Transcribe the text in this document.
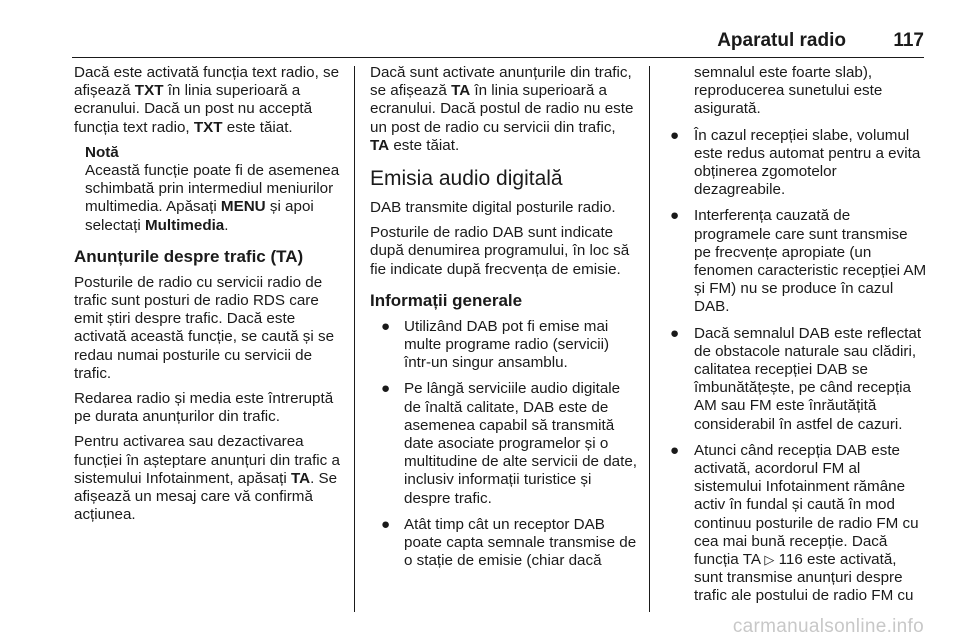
Aparatul radio 117

Dacă este activată funcția text radio, se afișează TXT în linia superioară a ecranului. Dacă un post nu acceptă funcția text radio, TXT este tăiat.

Notă
Această funcție poate fi de asemenea schimbată prin intermediul meniurilor multimedia. Apăsați MENU și apoi selectați Multimedia.
Anunțurile despre trafic (TA)

Posturile de radio cu servicii radio de trafic sunt posturi de radio RDS care emit știri despre trafic. Dacă este activată această funcție, se caută și se redau numai posturile cu servicii de trafic.

Redarea radio și media este întreruptă pe durata anunțurilor din trafic.

Pentru activarea sau dezactivarea funcției în așteptare anunțuri din trafic a sistemului Infotainment, apăsați TA. Se afișează un mesaj care vă confirmă acțiunea.

Dacă sunt activate anunțurile din trafic, se afișează TA în linia superioară a ecranului. Dacă postul de radio nu este un post de radio cu servicii din trafic, TA este tăiat.

Emisia audio digitală

DAB transmite digital posturile radio.

Posturile de radio DAB sunt indicate după denumirea programului, în loc să fie indicate după frecvența de emisie.

Informații generale
● Utilizând DAB pot fi emise mai multe programe radio (servicii) într-un singur ansamblu.
● Pe lângă serviciile audio digitale de înaltă calitate, DAB este de asemenea capabil să transmită date asociate programelor și o multitudine de alte servicii de date, inclusiv informații turistice și despre trafic.
● Atât timp cât un receptor DAB poate capta semnale transmise de o stație de emisie (chiar dacă
semnalul este foarte slab), reproducerea sunetului este asigurată.
● În cazul recepției slabe, volumul este redus automat pentru a evita obținerea zgomotelor dezagreabile.
● Interferența cauzată de programele care sunt transmise pe frecvențe apropiate (un fenomen caracteristic recepției AM și FM) nu se produce în cazul DAB.
● Dacă semnalul DAB este reflectat de obstacole naturale sau clădiri, calitatea recepției DAB se îmbunătățește, pe când recepția AM sau FM este înrăutățită considerabil în astfel de cazuri.
● Atunci când recepția DAB este activată, acordorul FM al sistemului Infotainment rămâne activ în fundal și caută în mod continuu posturile de radio FM cu cea mai bună recepție. Dacă funcția TA ▷ 116 este activată, sunt transmise anunțuri despre trafic ale postului de radio FM cu
carmanualsonline.info
